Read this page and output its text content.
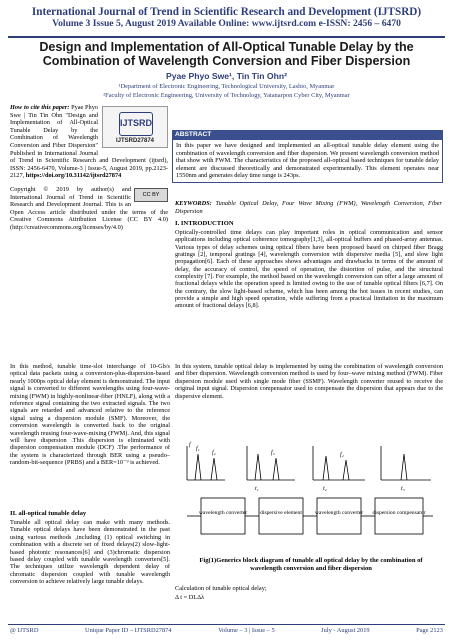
International Journal of Trend in Scientific Research and Development (IJTSRD)
Volume 3 Issue 5, August 2019 Available Online: www.ijtsrd.com e-ISSN: 2456 – 6470
Design and Implementation of All-Optical Tunable Delay by the
Combination of Wavelength Conversion and Fiber Dispersion
Pyae Phyo Swe¹, Tin Tin Ohn²
¹Department of Electronic Engineering, Technological University, Lashio, Myanmar
²Faculty of Electronic Engineering, University of Technology, Yatanarpon Cyber City, Myanmar
IJTSRD
IJTSRD27874
How to cite this paper: Pyae Phyo Swe | Tin Tin Ohn "Design and Implementation of All-Optical Tunable Delay by the Combination of Wavelength Conversion and Fiber Dispersion" Published in International Journal of Trend in Scientific Research and Development (ijtsrd), ISSN: 2456-6470, Volume-3 | Issue-5, August 2019, pp.2123-2127, https://doi.org/10.31142/ijtsrd27874
CC BY
Copyright © 2019 by author(s) and International Journal of Trend in Scientific Research and Development Journal. This is an Open Access article distributed under the terms of the Creative Commons Attribution License (CC BY 4.0) (http://creativecommons.org/licenses/by/4.0)
ABSTRACT
In this paper we have designed and implemented an all-optical tunable delay element using the combination of wavelength conversion and fiber dispersion. We present wavelength conversion method that show with FWM. The characteristics of the proposed all-optical based techniques for tunable delay element are discussed theoretically and demonstrated experimentally. This element operates near 1550nm and generates delay time range is 243ps.
KEYWORDS: Tunable Optical Delay, Four Wave Mixing (FWM), Wavelength Conversion, Fiber Dispersion
I. INTRODUCTION
Optically-controlled time delays can play important roles in optical communication and sensor applications including optical coherence tomography[1,3], all-optical buffers and phased-array antennas. Various types of delay schemes using optical fibers have been proposed based on chirped fiber Bragg gratings [2], temporal gratings [4], wavelength conversion with dispersive media [5], and slow light propagation[6]. Each of these approaches shows advantages and drawbacks in terms of the amount of delay, the accuracy of control, the speed of operation, the distortion of pulse, and the structural complexity [7]. For example, the method based on the wavelength conversion can offer a large amount of fractional delays while the operation speed is limited owing to the use of tunable optical filters [6,7]. On the contrary, the slow light-based scheme, which has been among the hot issues in recent studies, can provide a simple and high speed operation, while suffering from a practical limitation in the maximum amount of fractional delays [6,8].
In this method, tunable time-slot interchange of 10-Gb/s optical data packets using a conversion-plus-dispersion-based nearly 1000ps optical delay element is demonstrated. The input signal is converted to different wavelengths using four-wave-mixing (FWM) in highly-nonlinear-fiber (HNLF), along with a reference signal containing the two extracted signals. The two signals are retarded and advanced relative to the reference signal using a dispersion module (SMF). Moreover, the conversion wavelength is converted back to the original wavelength reusing four-wave-mixing (FWM). And, this signal will have dispersion .This dispersion is eliminated with dispersion compensation module (DCF) .The performance of the system is characterized through BER using a pseudo–random-bit-sequence (PRBS) and a BER=10⁻⁹ is achieved.
II. all-optical tunable delay
Tunable all optical delay can make with many methods. Tunable optical delays have been demonstrated in the past using various methods ,including (1) optical switching in combination with a discrete set of fixed delays(2) slow-light-based photonic resonances[6] and (3)chromatic dispersion based delay coupled with tunable wavelength converters[5]. The techniques utilize wavelength dependent delay of chromatic dispersion coupled with tunable wavelength conversion to achieve relatively large tunable delays.
In this system, tunable optical delay is implemented by using the combination of wavelength conversion and fiber dispersion. Wavelength conversion method is used by four–wave mixing method (FWM). Fiber dispersion module used with single mode fiber (SSMF). Wavelength converter reused to receive the original input signal. Dispersion compensator used to compensate the dispersion that appears due to the dispersive element.
wavelength converter dispersive element wavelength converter dispersion compensator
f
f₁
f₂	f₃	f₄
t₁	t₂	t₃
Fig(1)Generics block diagram of tunable all optical delay by the combination of wavelength conversion and fiber dispersion
Calculation of tunable optical delay;
Δ t = DLΔλ
@ IJTSRD	Unique Paper ID – IJTSRD27874	Volume – 3 | Issue – 5	July - August 2019	Page 2123
